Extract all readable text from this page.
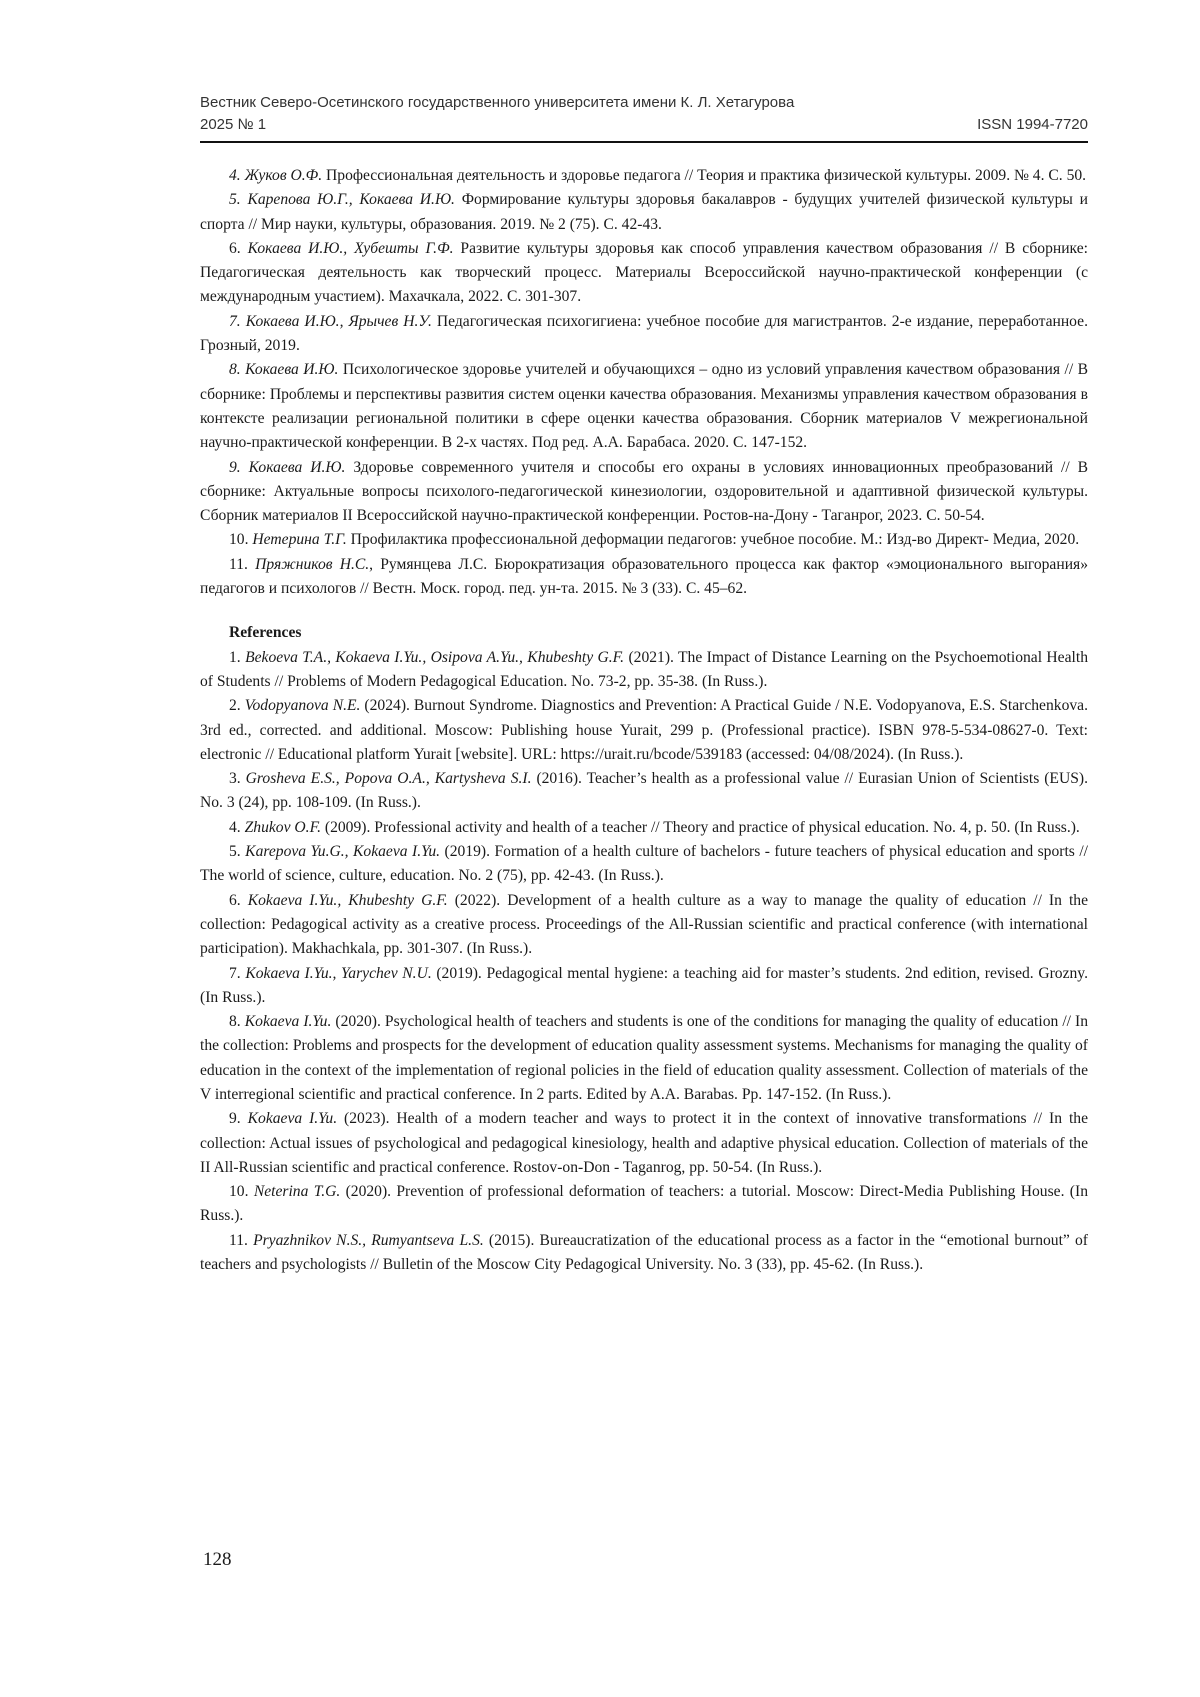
Вестник Северо-Осетинского государственного университета имени К. Л. Хетагурова
2025 № 1	ISSN 1994-7720

4. Жуков О.Ф. Профессиональная деятельность и здоровье педагога // Теория и практика физической культуры. 2009. № 4. С. 50.

5. Карепова Ю.Г., Кокаева И.Ю. Формирование культуры здоровья бакалавров - будущих учителей физической культуры и спорта // Мир науки, культуры, образования. 2019. № 2 (75). С. 42-43.

6. Кокаева И.Ю., Хубешты Г.Ф. Развитие культуры здоровья как способ управления качеством образования // В сборнике: Педагогическая деятельность как творческий процесс. Материалы Всероссийской научно-практической конференции (с международным участием). Махачкала, 2022. С. 301-307.

7. Кокаева И.Ю., Ярычев Н.У. Педагогическая психогигиена: учебное пособие для магистрантов. 2-е издание, переработанное. Грозный, 2019.

8. Кокаева И.Ю. Психологическое здоровье учителей и обучающихся – одно из условий управления качеством образования // В сборнике: Проблемы и перспективы развития систем оценки качества образования. Механизмы управления качеством образования в контексте реализации региональной политики в сфере оценки качества образования. Сборник материалов V межрегиональной научно-практической конференции. В 2-х частях. Под ред. А.А. Барабаса. 2020. С. 147-152.

9. Кокаева И.Ю. Здоровье современного учителя и способы его охраны в условиях инновационных преобразований // В сборнике: Актуальные вопросы психолого-педагогической кинезиологии, оздоровительной и адаптивной физической культуры. Сборник материалов II Всероссийской научно-практической конференции. Ростов-на-Дону - Таганрог, 2023. С. 50-54.

10. Нетерина Т.Г. Профилактика профессиональной деформации педагогов: учебное пособие. М.: Изд-во Директ- Медиа, 2020.

11. Пряжников Н.С., Румянцева Л.С. Бюрократизация образовательного процесса как фактор «эмоционального выгорания» педагогов и психологов // Вестн. Моск. город. пед. ун-та. 2015. № 3 (33). С. 45–62.

References

1. Bekoeva T.A., Kokaeva I.Yu., Osipova A.Yu., Khubeshty G.F. (2021). The Impact of Distance Learning on the Psychoemotional Health of Students // Problems of Modern Pedagogical Education. No. 73-2, pp. 35-38. (In Russ.).

2. Vodopyanova N.E. (2024). Burnout Syndrome. Diagnostics and Prevention: A Practical Guide / N.E. Vodopyanova, E.S. Starchenkova. 3rd ed., corrected. and additional. Moscow: Publishing house Yurait, 299 p. (Professional practice). ISBN 978-5-534-08627-0. Text: electronic // Educational platform Yurait [website]. URL: https://urait.ru/bcode/539183 (accessed: 04/08/2024). (In Russ.).

3. Grosheva E.S., Popova O.A., Kartysheva S.I. (2016). Teacher’s health as a professional value // Eurasian Union of Scientists (EUS). No. 3 (24), pp. 108-109. (In Russ.).

4. Zhukov O.F. (2009). Professional activity and health of a teacher // Theory and practice of physical education. No. 4, p. 50. (In Russ.).

5. Karepova Yu.G., Kokaeva I.Yu. (2019). Formation of a health culture of bachelors - future teachers of physical education and sports // The world of science, culture, education. No. 2 (75), pp. 42-43. (In Russ.).

6. Kokaeva I.Yu., Khubeshty G.F. (2022). Development of a health culture as a way to manage the quality of education // In the collection: Pedagogical activity as a creative process. Proceedings of the All-Russian scientific and practical conference (with international participation). Makhachkala, pp. 301-307. (In Russ.).

7. Kokaeva I.Yu., Yarychev N.U. (2019). Pedagogical mental hygiene: a teaching aid for master’s students. 2nd edition, revised. Grozny. (In Russ.).

8. Kokaeva I.Yu. (2020). Psychological health of teachers and students is one of the conditions for managing the quality of education // In the collection: Problems and prospects for the development of education quality assessment systems. Mechanisms for managing the quality of education in the context of the implementation of regional policies in the field of education quality assessment. Collection of materials of the V interregional scientific and practical conference. In 2 parts. Edited by A.A. Barabas. Pp. 147-152. (In Russ.).

9. Kokaeva I.Yu. (2023). Health of a modern teacher and ways to protect it in the context of innovative transformations // In the collection: Actual issues of psychological and pedagogical kinesiology, health and adaptive physical education. Collection of materials of the II All-Russian scientific and practical conference. Rostov-on-Don - Taganrog, pp. 50-54. (In Russ.).

10. Neterina T.G. (2020). Prevention of professional deformation of teachers: a tutorial. Moscow: Direct-Media Publishing House. (In Russ.).

11. Pryazhnikov N.S., Rumyantseva L.S. (2015). Bureaucratization of the educational process as a factor in the “emotional burnout” of teachers and psychologists // Bulletin of the Moscow City Pedagogical University. No. 3 (33), pp. 45-62. (In Russ.).

128
